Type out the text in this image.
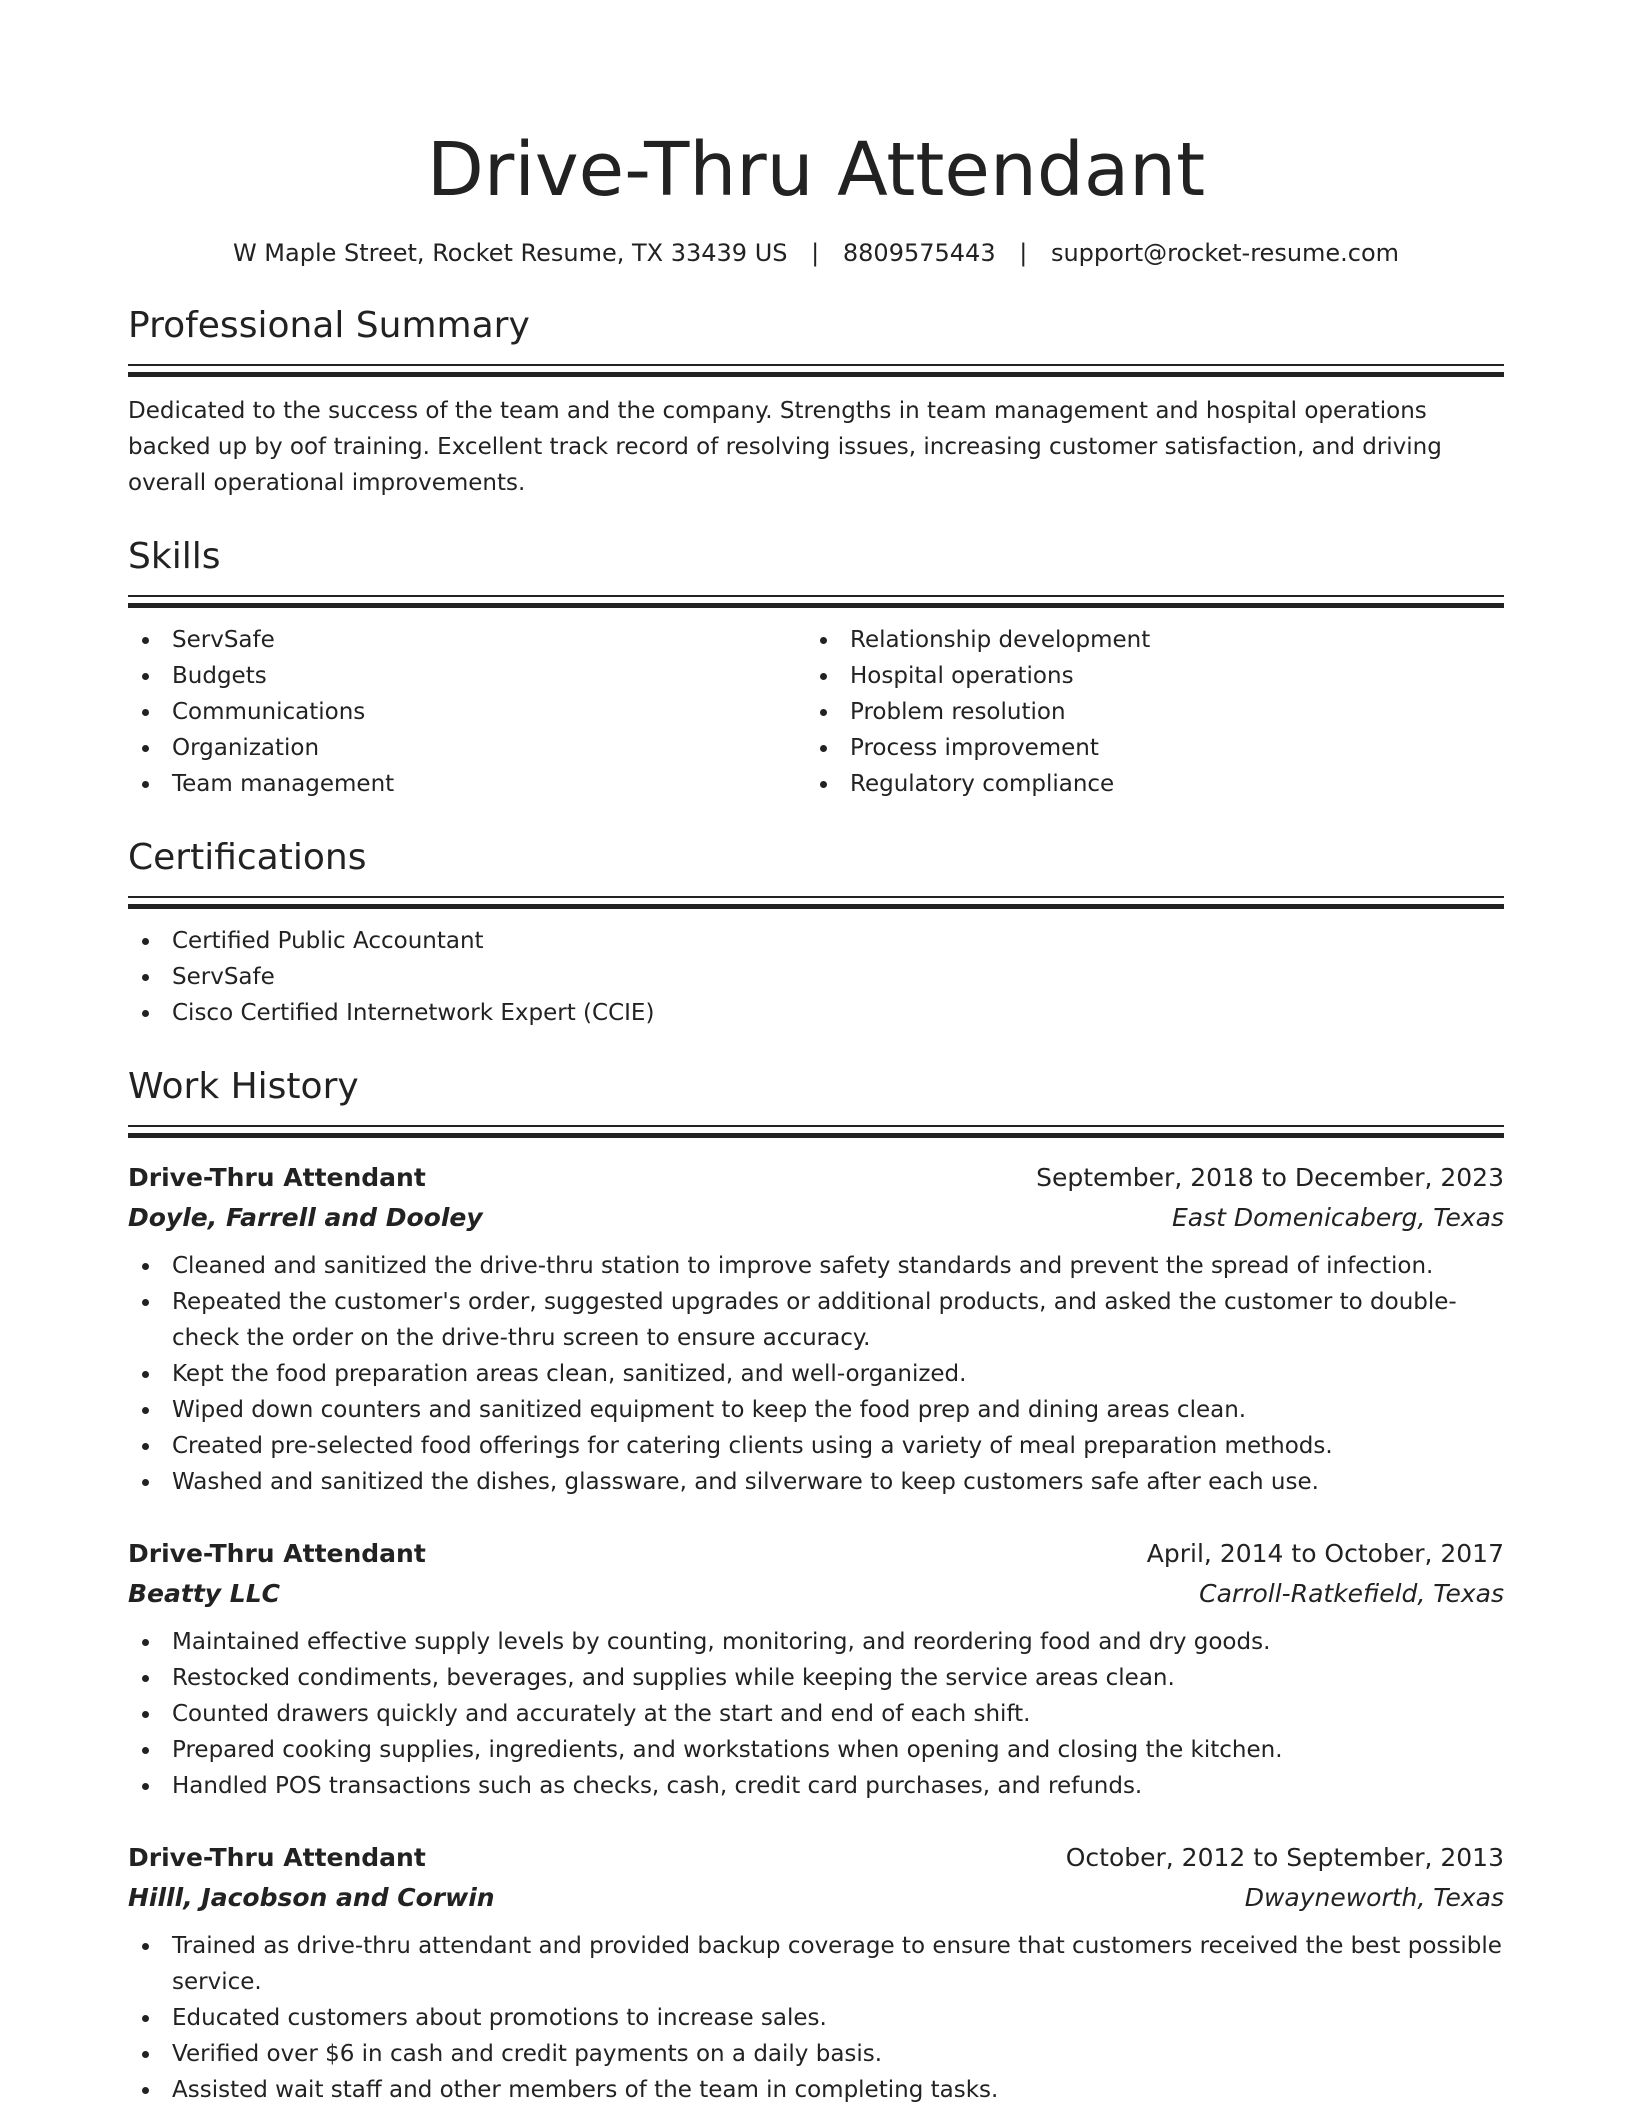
Drive-Thru Attendant
W Maple Street, Rocket Resume, TX 33439 US | 8809575443 | support@rocket-resume.com
Professional Summary

Dedicated to the success of the team and the company. Strengths in team management and hospital operations backed up by oof training. Excellent track record of resolving issues, increasing customer satisfaction, and driving overall operational improvements.

Skills
ServSafe
Budgets
Communications
Organization
Team management
Relationship development
Hospital operations
Problem resolution
Process improvement
Regulatory compliance
Certifications
Certified Public Accountant
ServSafe
Cisco Certified Internetwork Expert (CCIE)
Work History
Drive-Thru Attendant	September, 2018 to December, 2023
Doyle, Farrell and Dooley	East Domenicaberg, Texas
Cleaned and sanitized the drive-thru station to improve safety standards and prevent the spread of infection.
Repeated the customer's order, suggested upgrades or additional products, and asked the customer to double-check the order on the drive-thru screen to ensure accuracy.
Kept the food preparation areas clean, sanitized, and well-organized.
Wiped down counters and sanitized equipment to keep the food prep and dining areas clean.
Created pre-selected food offerings for catering clients using a variety of meal preparation methods.
Washed and sanitized the dishes, glassware, and silverware to keep customers safe after each use.
Drive-Thru Attendant	April, 2014 to October, 2017
Beatty LLC	Carroll-Ratkefield, Texas
Maintained effective supply levels by counting, monitoring, and reordering food and dry goods.
Restocked condiments, beverages, and supplies while keeping the service areas clean.
Counted drawers quickly and accurately at the start and end of each shift.
Prepared cooking supplies, ingredients, and workstations when opening and closing the kitchen.
Handled POS transactions such as checks, cash, credit card purchases, and refunds.
Drive-Thru Attendant	October, 2012 to September, 2013
Hilll, Jacobson and Corwin	Dwayneworth, Texas
Trained as drive-thru attendant and provided backup coverage to ensure that customers received the best possible service.
Educated customers about promotions to increase sales.
Verified over $6 in cash and credit payments on a daily basis.
Assisted wait staff and other members of the team in completing tasks.
